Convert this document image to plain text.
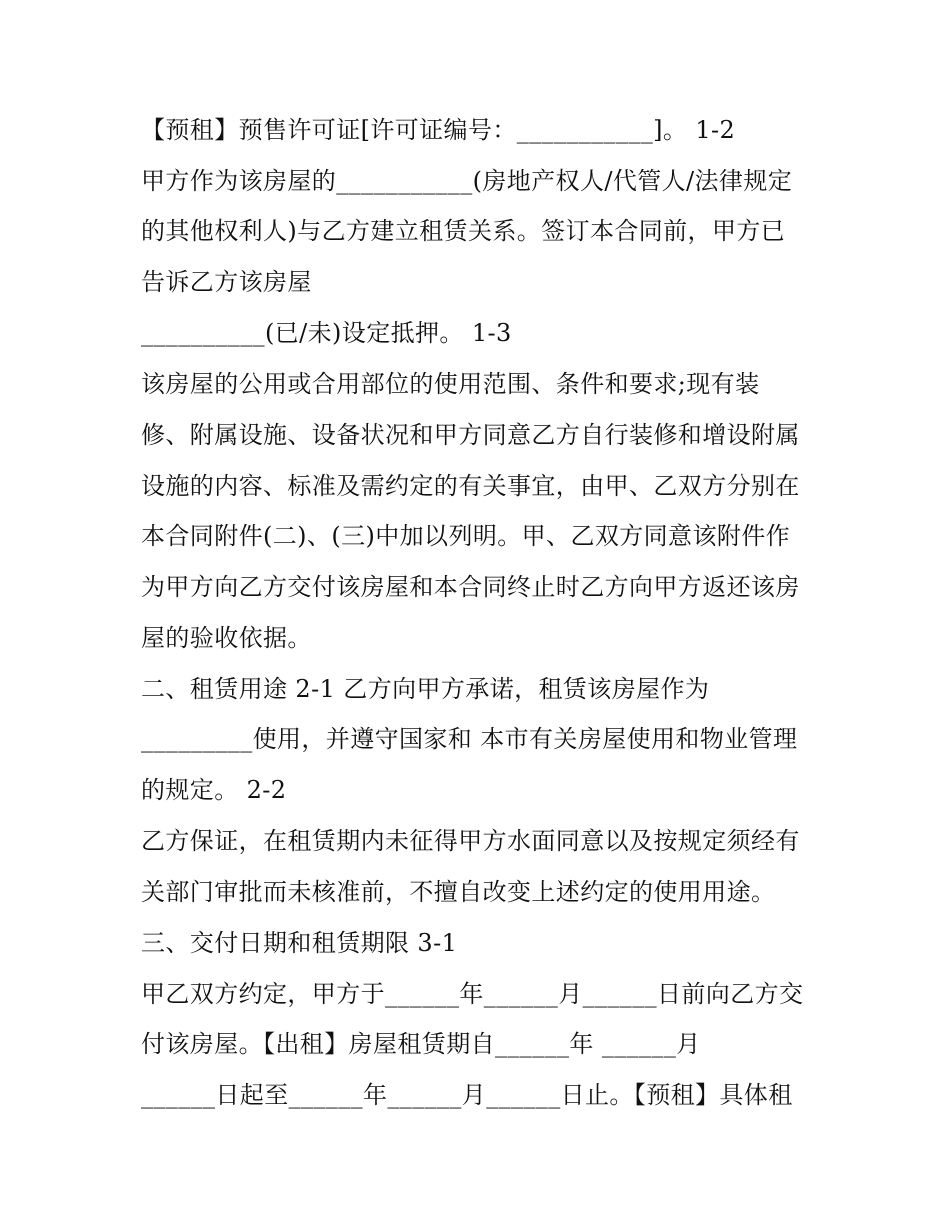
【预租】预售许可证[许可证编号：___________]。 1-2
甲方作为该房屋的___________(房地产权人/代管人/法律规定
的其他权利人)与乙方建立租赁关系。签订本合同前，甲方已
告诉乙方该房屋
__________(已/未)设定抵押。 1-3
该房屋的公用或合用部位的使用范围、条件和要求;现有装
修、附属设施、设备状况和甲方同意乙方自行装修和增设附属
设施的内容、标准及需约定的有关事宜，由甲、乙双方分别在
本合同附件(二)、(三)中加以列明。甲、乙双方同意该附件作
为甲方向乙方交付该房屋和本合同终止时乙方向甲方返还该房
屋的验收依据。
二、租赁用途 2-1 乙方向甲方承诺，租赁该房屋作为
_________使用，并遵守国家和 本市有关房屋使用和物业管理
的规定。 2-2
乙方保证，在租赁期内未征得甲方水面同意以及按规定须经有
关部门审批而未核准前，不擅自改变上述约定的使用用途。
三、交付日期和租赁期限 3-1
甲乙双方约定，甲方于______年______月______日前向乙方交
付该房屋。【出租】房屋租赁期自______年 ______月
______日起至______年______月______日止。【预租】具体租
